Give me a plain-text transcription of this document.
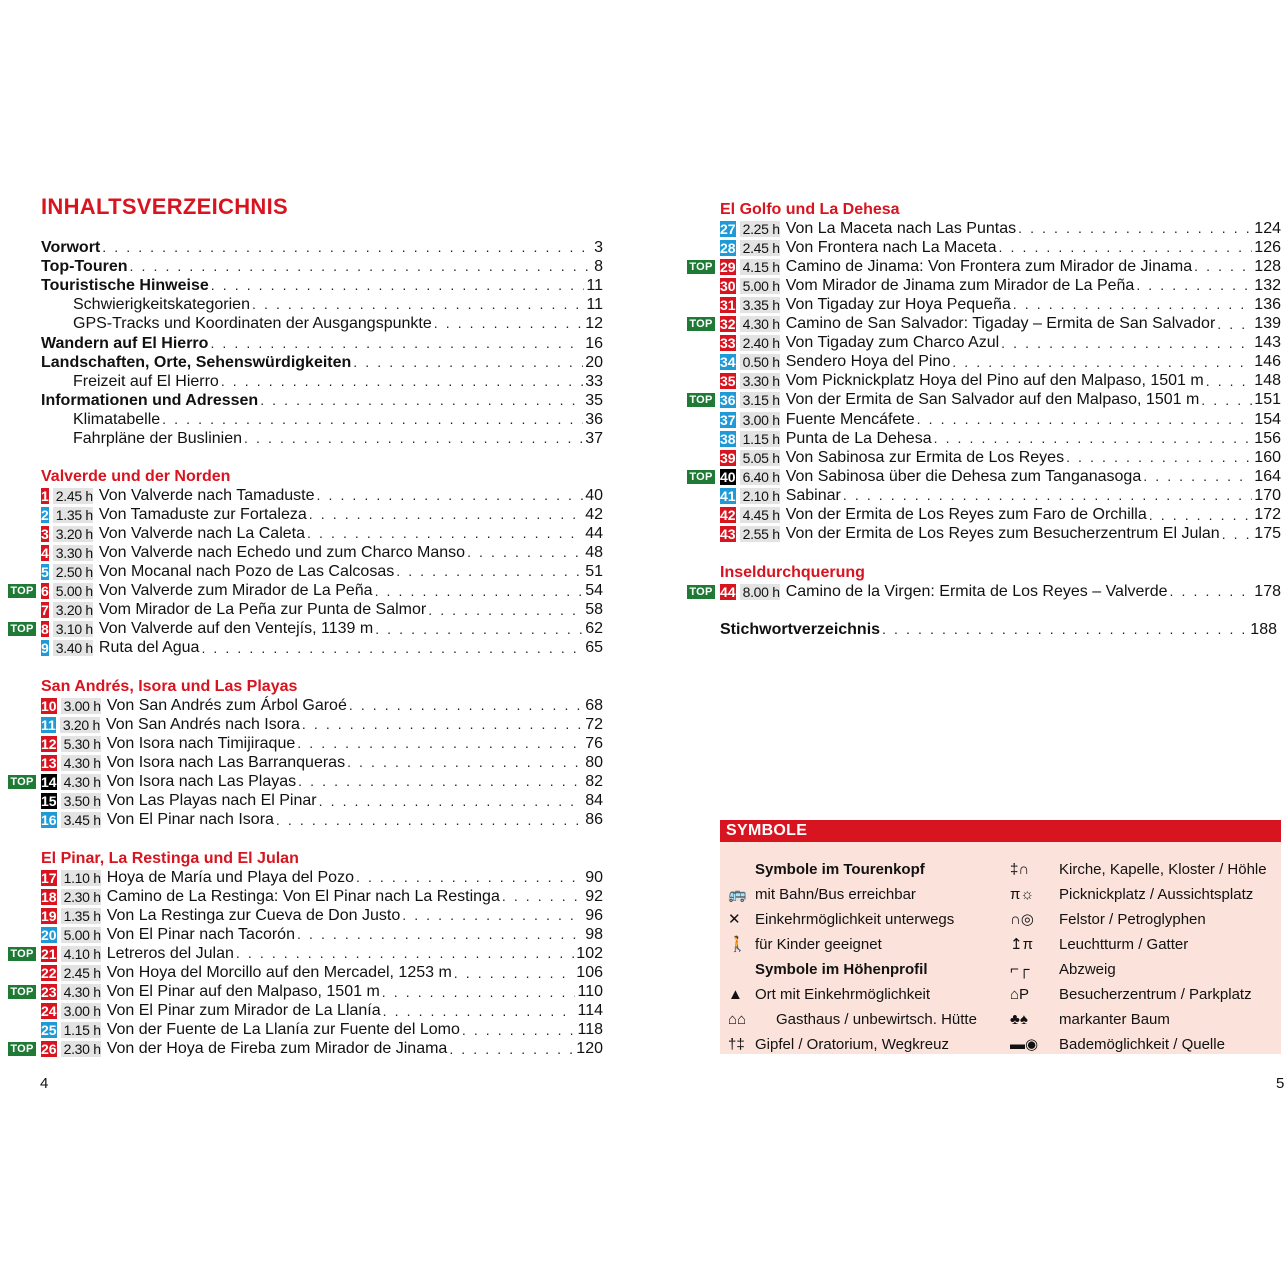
INHALTSVERZEICHNIS
Vorwort . . .	3
Top-Touren . . .	8
Touristische Hinweise . . .	11
Schwierigkeitskategorien . . .	11
GPS-Tracks und Koordinaten der Ausgangspunkte . . .	12
Wandern auf El Hierro . . .	16
Landschaften, Orte, Sehenswürdigkeiten . . .	20
Freizeit auf El Hierro . . .	33
Informationen und Adressen . . .	35
Klimatabelle . . .	36
Fahrpläne der Buslinien . . .	37
Valverde und der Norden
1 2.45 h Von Valverde nach Tamaduste . . .	40
2 1.35 h Von Tamaduste zur Fortaleza . . .	42
3 3.20 h Von Valverde nach La Caleta . . .	44
4 3.30 h Von Valverde nach Echedo und zum Charco Manso . . .	48
5 2.50 h Von Mocanal nach Pozo de Las Calcosas . . .	51
TOP 6 5.00 h Von Valverde zum Mirador de La Peña . . .	54
7 3.20 h Vom Mirador de La Peña zur Punta de Salmor . . .	58
TOP 8 3.10 h Von Valverde auf den Ventejís, 1139 m . . .	62
9 3.40 h Ruta del Agua . . .	65
San Andrés, Isora und Las Playas
10 3.00 h Von San Andrés zum Árbol Garoé . . .	68
11 3.20 h Von San Andrés nach Isora . . .	72
12 5.30 h Von Isora nach Timijiraque . . .	76
13 4.30 h Von Isora nach Las Barranqueras . . .	80
TOP 14 4.30 h Von Isora nach Las Playas . . .	82
15 3.50 h Von Las Playas nach El Pinar . . .	84
16 3.45 h Von El Pinar nach Isora . . .	86
El Pinar, La Restinga und El Julan
17 1.10 h Hoya de María und Playa del Pozo . . .	90
18 2.30 h Camino de La Restinga: Von El Pinar nach La Restinga . . .	92
19 1.35 h Von La Restinga zur Cueva de Don Justo . . .	96
20 5.00 h Von El Pinar nach Tacorón . . .	98
TOP 21 4.10 h Letreros del Julan . . .	102
22 2.45 h Von Hoya del Morcillo auf den Mercadel, 1253 m . . .	106
TOP 23 4.30 h Von El Pinar auf den Malpaso, 1501 m . . .	110
24 3.00 h Von El Pinar zum Mirador de La Llanía . . .	114
25 1.15 h Von der Fuente de La Llanía zur Fuente del Lomo . . .	118
TOP 26 2.30 h Von der Hoya de Fireba zum Mirador de Jinama . . .	120
4
El Golfo und La Dehesa
27 2.25 h Von La Maceta nach Las Puntas . . .	124
28 2.45 h Von Frontera nach La Maceta . . .	126
TOP 29 4.15 h Camino de Jinama: Von Frontera zum Mirador de Jinama . . .	128
30 5.00 h Vom Mirador de Jinama zum Mirador de La Peña . . .	132
31 3.35 h Von Tigaday zur Hoya Pequeña . . .	136
TOP 32 4.30 h Camino de San Salvador: Tigaday – Ermita de San Salvador . . . 139
33 2.40 h Von Tigaday zum Charco Azul . . .	143
34 0.50 h Sendero Hoya del Pino . . .	146
35 3.30 h Vom Picknickplatz Hoya del Pino auf den Malpaso, 1501 m . . .	148
TOP 36 3.15 h Von der Ermita de San Salvador auf den Malpaso, 1501 m . . .	151
37 3.00 h Fuente Mencáfete . . .	154
38 1.15 h Punta de La Dehesa . . .	156
39 5.05 h Von Sabinosa zur Ermita de Los Reyes . . .	160
TOP 40 6.40 h Von Sabinosa über die Dehesa zum Tanganasoga . . .	164
41 2.10 h Sabinar . . .	170
42 4.45 h Von der Ermita de Los Reyes zum Faro de Orchilla . . .	172
43 2.55 h Von der Ermita de Los Reyes zum Besucherzentrum El Julan . . . 175
Inseldurchquerung
TOP 44 8.00 h Camino de la Virgen: Ermita de Los Reyes – Valverde . . .	178
Stichwortverzeichnis . . .	188
SYMBOLE
Symbole im Tourenkopf
🚌 mit Bahn/Bus erreichbar
✕ Einkehrmöglichkeit unterwegs
🚶 für Kinder geeignet
Symbole im Höhenprofil
▲ Ort mit Einkehrmöglichkeit
⌂⌂ Gasthaus / unbewirtsch. Hütte
†‡ Gipfel / Oratorium, Wegkreuz
‡∩ Kirche, Kapelle, Kloster / Höhle
π☼ Picknickplatz / Aussichtsplatz
∩◎ Felstor / Petroglyphen
↥π Leuchtturm / Gatter
⌐┌ Abzweig
⌂P Besucherzentrum / Parkplatz
♣♠ markanter Baum
▬◉ Bademöglichkeit / Quelle
5
